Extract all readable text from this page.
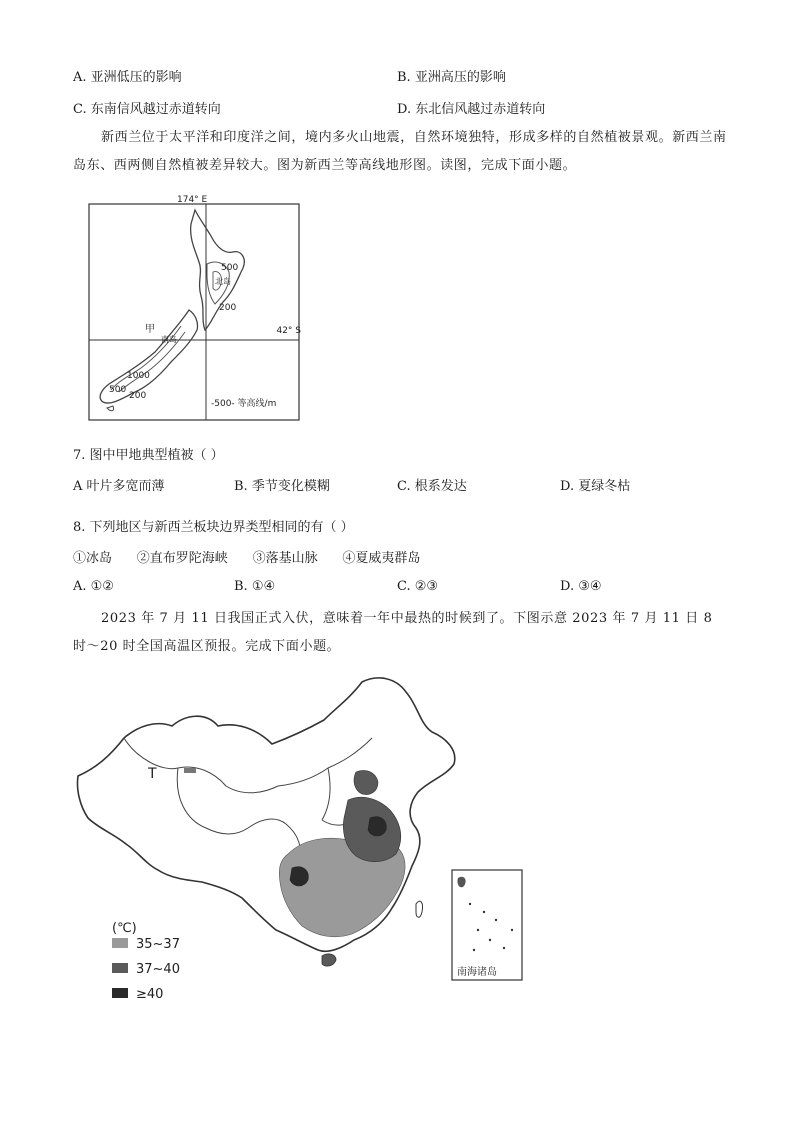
A. 亚洲低压的影响	B. 亚洲高压的影响
C. 东南信风越过赤道转向	D. 东北信风越过赤道转向
新西兰位于太平洋和印度洋之间，境内多火山地震，自然环境独特，形成多样的自然植被景观。新西兰南岛东、西两侧自然植被差异较大。图为新西兰等高线地形图。读图，完成下面小题。
174° E
42° S
500
北岛
200
甲
南岛
1000
500
200
-500- 等高线/m
7. 图中甲地典型植被（ ）
A 叶片多宽而薄	B. 季节变化模糊	C. 根系发达	D. 夏绿冬枯
8. 下列地区与新西兰板块边界类型相同的有（ ）
①冰岛      ②直布罗陀海峡      ③落基山脉      ④夏威夷群岛
A. ①②	B. ①④	C. ②③	D. ③④
2023 年 7 月 11 日我国正式入伏，意味着一年中最热的时候到了。下图示意 2023 年 7 月 11 日 8 时～20 时全国高温区预报。完成下面小题。
T
(℃)
35~37
37~40
≥40
南海诸岛
